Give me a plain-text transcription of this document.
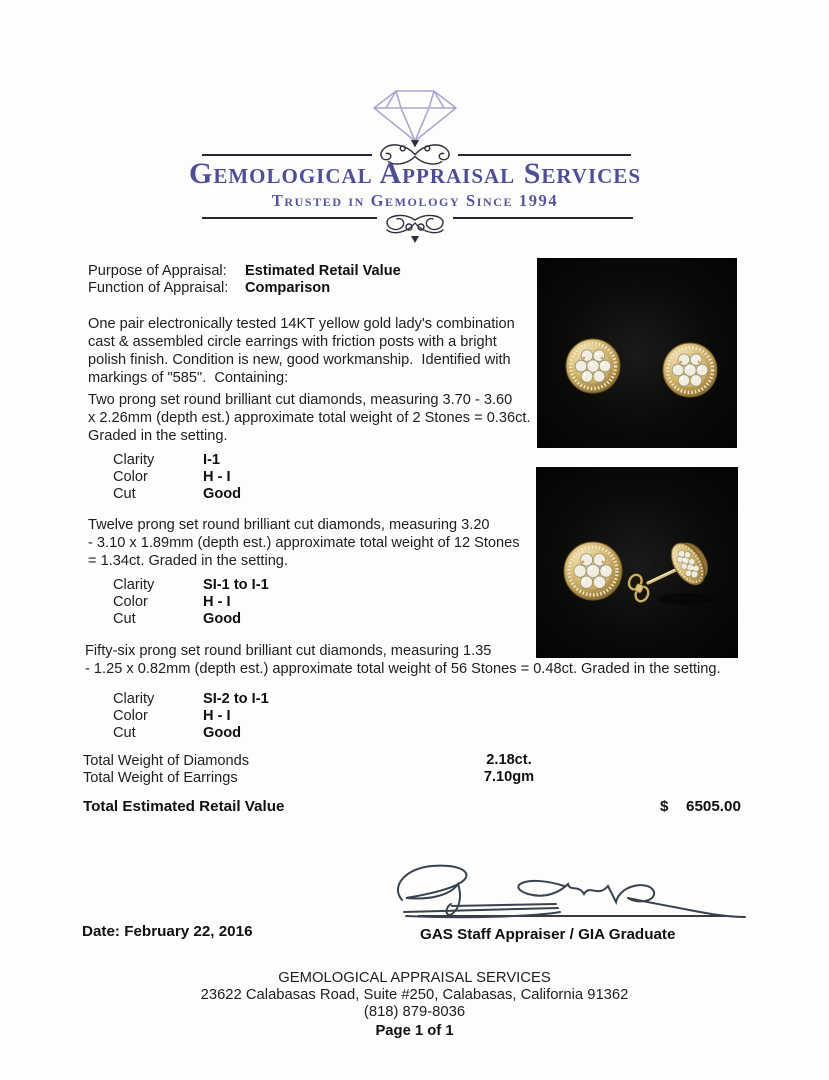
Gemological Appraisal Services
Trusted in Gemology Since 1994
Purpose of Appraisal:	Estimated Retail Value
Function of Appraisal:	Comparison
One pair electronically tested 14KT yellow gold lady's combination
cast & assembled circle earrings with friction posts with a bright
polish finish. Condition is new, good workmanship.  Identified with
markings of "585".  Containing:
Two prong set round brilliant cut diamonds, measuring 3.70 - 3.60
x 2.26mm (depth est.) approximate total weight of 2 Stones = 0.36ct.
Graded in the setting.
Clarity	I-1
Color	H - I
Cut	Good
Twelve prong set round brilliant cut diamonds, measuring 3.20
- 3.10 x 1.89mm (depth est.) approximate total weight of 12 Stones
= 1.34ct. Graded in the setting.
Clarity	SI-1 to I-1
Color	H - I
Cut	Good
Fifty-six prong set round brilliant cut diamonds, measuring 1.35
- 1.25 x 0.82mm (depth est.) approximate total weight of 56 Stones = 0.48ct. Graded in the setting.
Clarity	SI-2 to I-1
Color	H - I
Cut	Good
Total Weight of Diamonds	2.18ct.
Total Weight of Earrings	7.10gm
Total Estimated Retail Value	$ 6505.00
Date: February 22, 2016	GAS Staff Appraiser / GIA Graduate
GEMOLOGICAL APPRAISAL SERVICES
23622 Calabasas Road, Suite #250, Calabasas, California 91362
(818) 879-8036
Page 1 of 1
